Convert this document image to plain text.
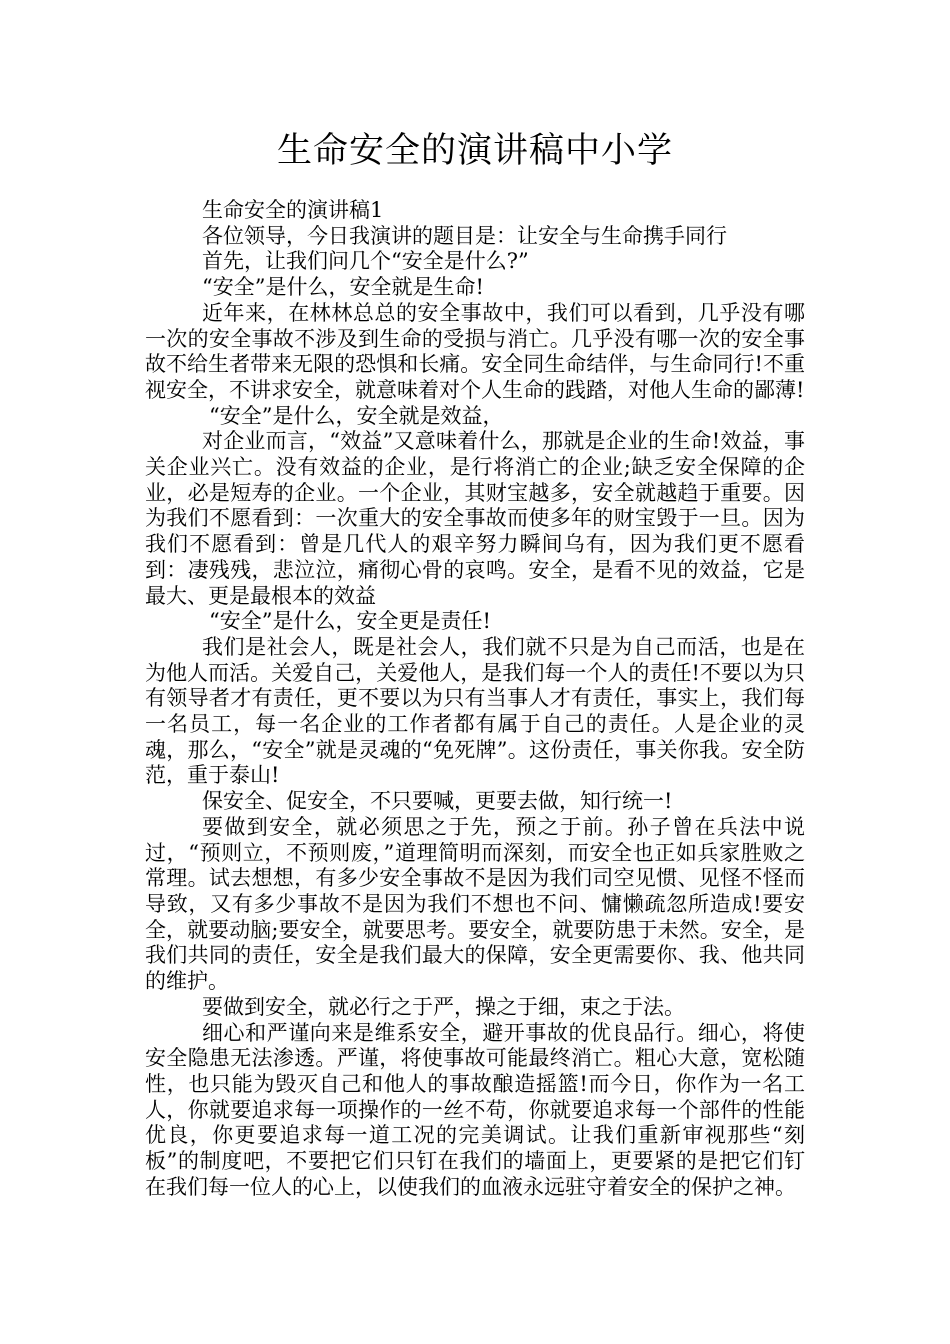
生命安全的演讲稿中小学

生命安全的演讲稿1

各位领导，今日我演讲的题目是：让安全与生命携手同行

首先，让我们问几个“安全是什么?”

“安全”是什么，安全就是生命!

近年来，在林林总总的安全事故中，我们可以看到，几乎没有哪一次的安全事故不涉及到生命的受损与消亡。几乎没有哪一次的安全事故不给生者带来无限的恐惧和长痛。安全同生命结伴，与生命同行!不重视安全，不讲求安全，就意味着对个人生命的践踏，对他人生命的鄙薄!

“安全”是什么，安全就是效益，

对企业而言，“效益”又意味着什么，那就是企业的生命!效益，事关企业兴亡。没有效益的企业，是行将消亡的企业;缺乏安全保障的企业，必是短寿的企业。一个企业，其财宝越多，安全就越趋于重要。因为我们不愿看到：一次重大的安全事故而使多年的财宝毁于一旦。因为我们不愿看到：曾是几代人的艰辛努力瞬间乌有，因为我们更不愿看到：凄残残，悲泣泣，痛彻心骨的哀鸣。安全，是看不见的效益，它是最大、更是最根本的效益

“安全”是什么，安全更是责任!

我们是社会人，既是社会人，我们就不只是为自己而活，也是在为他人而活。关爱自己，关爱他人，是我们每一个人的责任!不要以为只有领导者才有责任，更不要以为只有当事人才有责任，事实上，我们每一名员工，每一名企业的工作者都有属于自己的责任。人是企业的灵魂，那么，“安全”就是灵魂的“免死牌”。这份责任，事关你我。安全防范，重于泰山!

保安全、促安全，不只要喊，更要去做，知行统一!

要做到安全，就必须思之于先，预之于前。孙子曾在兵法中说过，“预则立，不预则废，”道理简明而深刻，而安全也正如兵家胜败之常理。试去想想，有多少安全事故不是因为我们司空见惯、见怪不怪而导致，又有多少事故不是因为我们不想也不问、慵懒疏忽所造成!要安全，就要动脑;要安全，就要思考。要安全，就要防患于未然。安全，是我们共同的责任，安全是我们最大的保障，安全更需要你、我、他共同的维护。

要做到安全，就必行之于严，操之于细，束之于法。

细心和严谨向来是维系安全，避开事故的优良品行。细心，将使安全隐患无法渗透。严谨，将使事故可能最终消亡。粗心大意，宽松随性，也只能为毁灭自己和他人的事故酿造摇篮!而今日，你作为一名工人，你就要追求每一项操作的一丝不苟，你就要追求每一个部件的性能优良，你更要追求每一道工况的完美调试。让我们重新审视那些“刻板”的制度吧，不要把它们只钉在我们的墙面上，更要紧的是把它们钉在我们每一位人的心上，以使我们的血液永远驻守着安全的保护之神。
